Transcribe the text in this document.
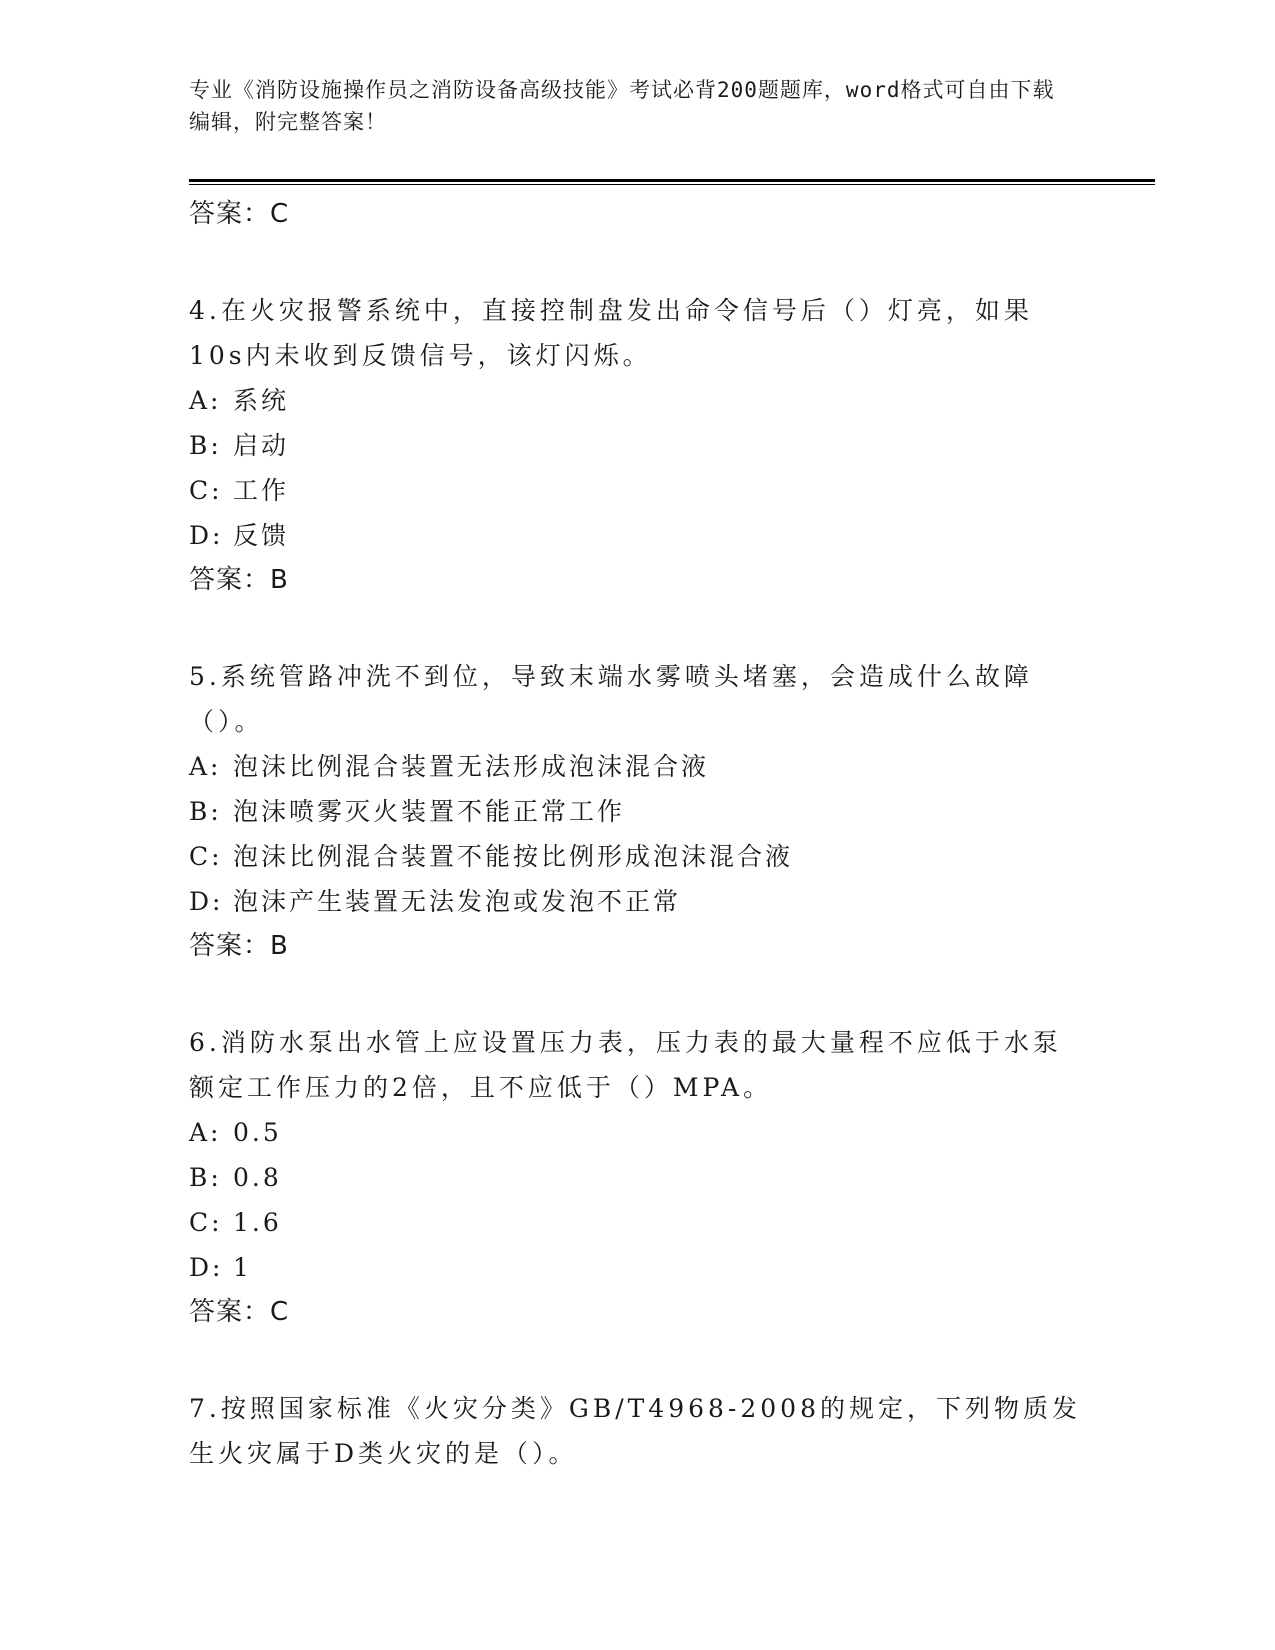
专业《消防设施操作员之消防设备高级技能》考试必背200题题库，word格式可自由下载编辑，附完整答案！
答案：C
4.在火灾报警系统中，直接控制盘发出命令信号后（）灯亮，如果10s内未收到反馈信号，该灯闪烁。
A: 系统
B: 启动
C: 工作
D: 反馈
答案：B
5.系统管路冲洗不到位，导致末端水雾喷头堵塞，会造成什么故障（）。
A: 泡沫比例混合装置无法形成泡沫混合液
B: 泡沫喷雾灭火装置不能正常工作
C: 泡沫比例混合装置不能按比例形成泡沫混合液
D: 泡沫产生装置无法发泡或发泡不正常
答案：B
6.消防水泵出水管上应设置压力表，压力表的最大量程不应低于水泵额定工作压力的2倍，且不应低于（）MPA。
A: 0.5
B: 0.8
C: 1.6
D: 1
答案：C
7.按照国家标准《火灾分类》GB/T4968-2008的规定，下列物质发生火灾属于D类火灾的是（）。
